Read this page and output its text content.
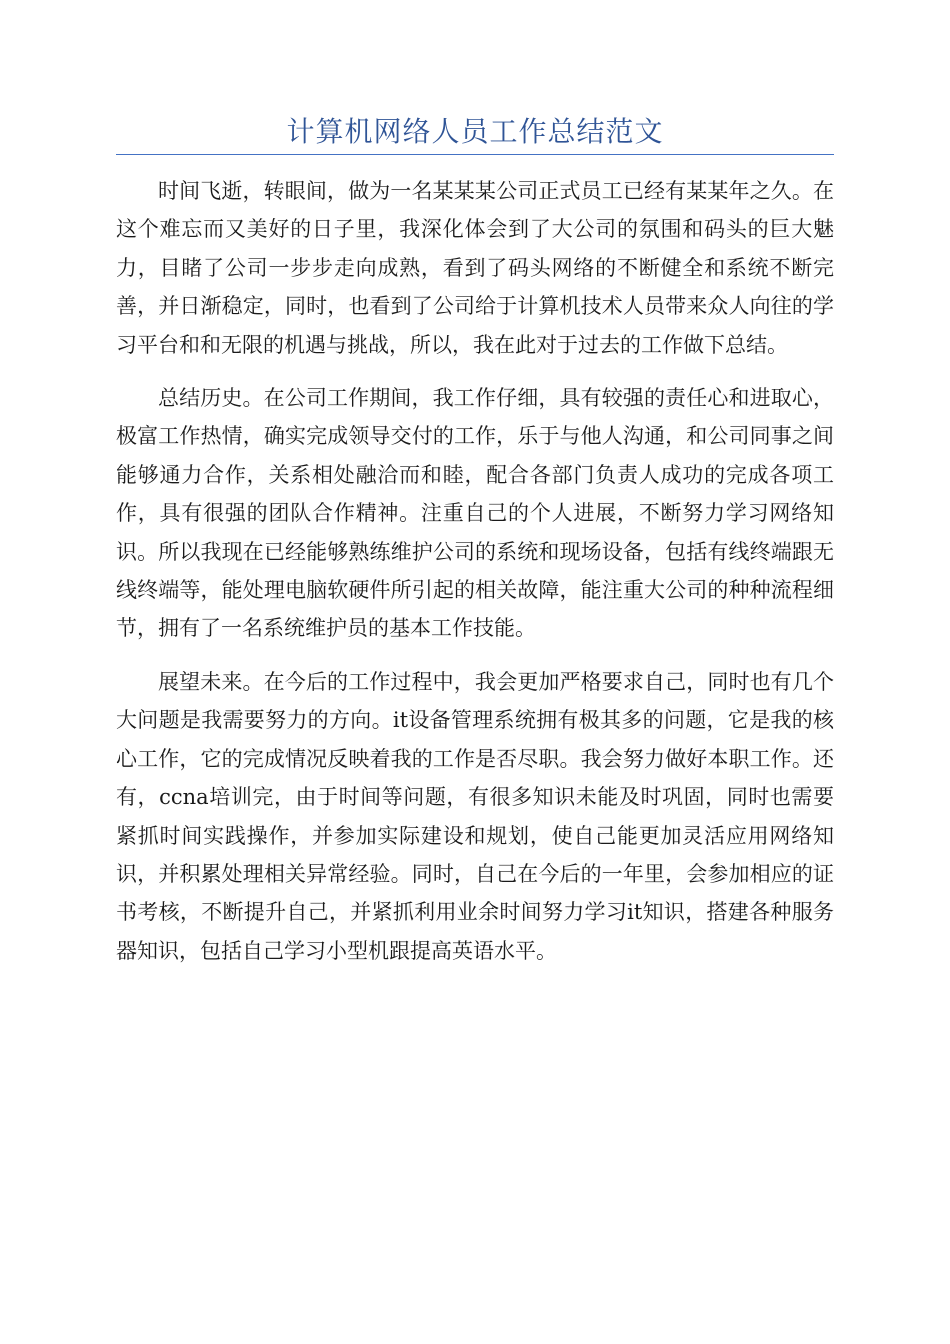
计算机网络人员工作总结范文

时间飞逝，转眼间，做为一名某某某公司正式员工已经有某某年之久。在这个难忘而又美好的日子里，我深化体会到了大公司的氛围和码头的巨大魅力，目睹了公司一步步走向成熟，看到了码头网络的不断健全和系统不断完善，并日渐稳定，同时，也看到了公司给于计算机技术人员带来众人向往的学习平台和和无限的机遇与挑战，所以，我在此对于过去的工作做下总结。

总结历史。在公司工作期间，我工作仔细，具有较强的责任心和进取心，极富工作热情，确实完成领导交付的工作，乐于与他人沟通，和公司同事之间能够通力合作，关系相处融洽而和睦，配合各部门负责人成功的完成各项工作，具有很强的团队合作精神。注重自己的个人进展，不断努力学习网络知识。所以我现在已经能够熟练维护公司的系统和现场设备，包括有线终端跟无线终端等，能处理电脑软硬件所引起的相关故障，能注重大公司的种种流程细节，拥有了一名系统维护员的基本工作技能。

展望未来。在今后的工作过程中，我会更加严格要求自己，同时也有几个大问题是我需要努力的方向。it设备管理系统拥有极其多的问题，它是我的核心工作，它的完成情况反映着我的工作是否尽职。我会努力做好本职工作。还有，ccna培训完，由于时间等问题，有很多知识未能及时巩固，同时也需要紧抓时间实践操作，并参加实际建设和规划，使自己能更加灵活应用网络知识，并积累处理相关异常经验。同时，自己在今后的一年里，会参加相应的证书考核，不断提升自己，并紧抓利用业余时间努力学习it知识，搭建各种服务器知识，包括自己学习小型机跟提高英语水平。
